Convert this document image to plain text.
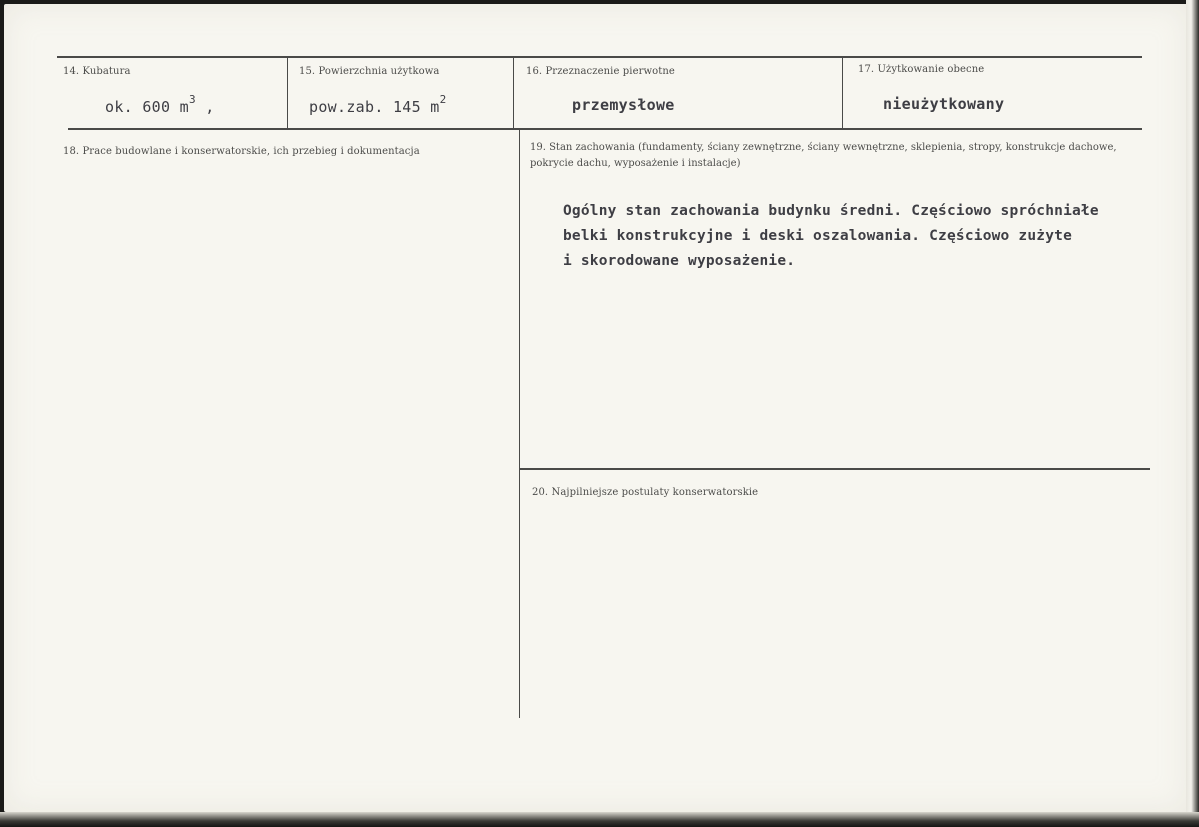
14. Kubatura
ok. 600 $m^3$ ,
15. Powierzchnia użytkowa
pow.zab. 145 $m^2$
16. Przeznaczenie pierwotne
przemysłowe
17. Użytkowanie obecne
nieużytkowany
18. Prace budowlane i konserwatorskie, ich przebieg i dokumentacja	19. Stan zachowania (fundamenty, ściany zewnętrzne, ściany wewnętrzne, sklepienia, stropy, konstrukcje dachowe, pokrycie dachu, wyposażenie i instalacje)
Ogólny stan zachowania budynku średni. Częściowo spróchniałe
belki konstrukcyjne i deski oszalowania. Częściowo zużyte
i skorodowane wyposażenie.
20. Najpilniejsze postulaty konserwatorskie
